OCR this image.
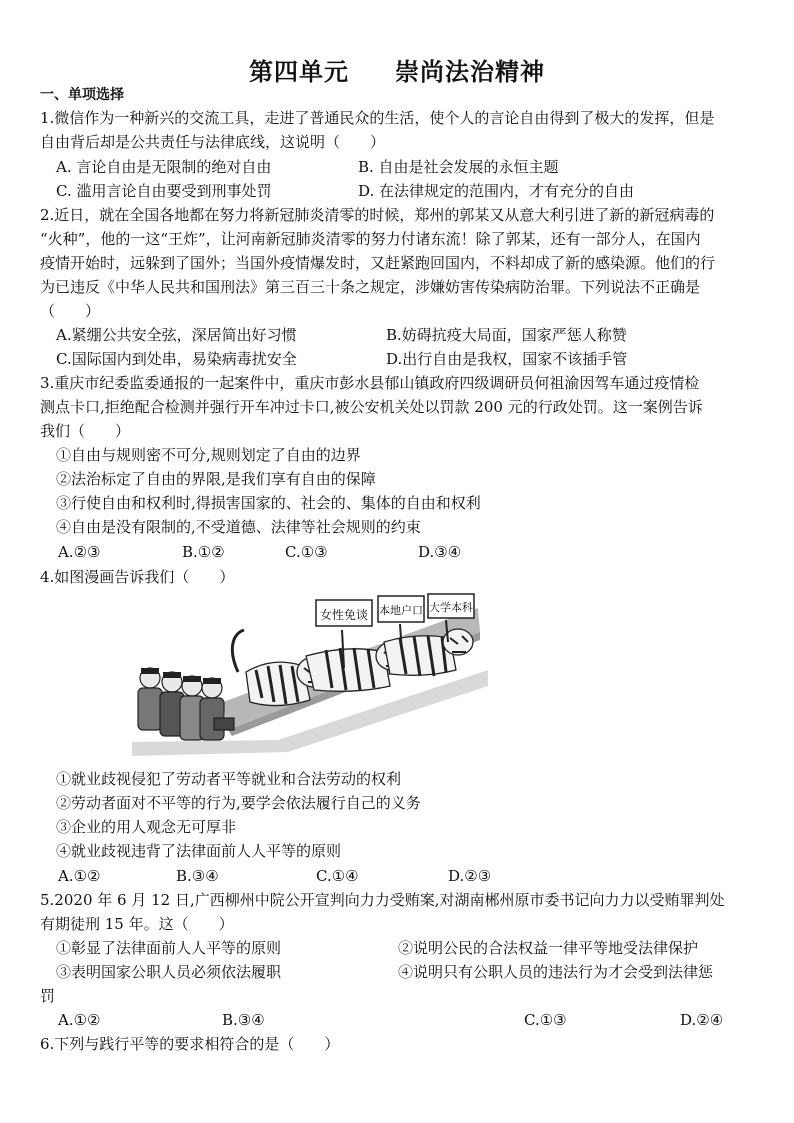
第四单元 崇尚法治精神
一、单项选择
1.微信作为一种新兴的交流工具，走进了普通民众的生活，使个人的言论自由得到了极大的发挥，但是
自由背后却是公共责任与法律底线，这说明（　　）
A. 言论自由是无限制的绝对自由	B. 自由是社会发展的永恒主题
C. 滥用言论自由要受到刑事处罚	D. 在法律规定的范围内，才有充分的自由
2.近日，就在全国各地都在努力将新冠肺炎清零的时候，郑州的郭某又从意大利引进了新的新冠病毒的
“火种”，他的一这“王炸”，让河南新冠肺炎清零的努力付诸东流！除了郭某，还有一部分人，在国内
疫情开始时，远躲到了国外；当国外疫情爆发时，又赶紧跑回国内，不料却成了新的感染源。他们的行
为已违反《中华人民共和国刑法》第三百三十条之规定，涉嫌妨害传染病防治罪。下列说法不正确是
（　　）
A.紧绷公共安全弦，深居简出好习惯	B.妨碍抗疫大局面，国家严惩人称赞
C.国际国内到处串，易染病毒扰安全	D.出行自由是我权，国家不该插手管
3.重庆市纪委监委通报的一起案件中，重庆市彭水县郁山镇政府四级调研员何祖渝因驾车通过疫情检
测点卡口,拒绝配合检测并强行开车冲过卡口,被公安机关处以罚款 200 元的行政处罚。这一案例告诉
我们（　　）
①自由与规则密不可分,规则划定了自由的边界
②法治标定了自由的界限,是我们享有自由的保障
③行使自由和权利时,得损害国家的、社会的、集体的自由和权利
④自由是没有限制的,不受道德、法律等社会规则的约束
A.②③	B.①②	C.①③	D.③④
4.如图漫画告诉我们（　　）
女性免谈 本地户口 大学本科
①就业歧视侵犯了劳动者平等就业和合法劳动的权利
②劳动者面对不平等的行为,要学会依法履行自己的义务
③企业的用人观念无可厚非
④就业歧视违背了法律面前人人平等的原则
A.①②	B.③④	C.①④	D.②③
5.2020 年 6 月 12 日,广西柳州中院公开宣判向力力受贿案,对湖南郴州原市委书记向力力以受贿罪判处
有期徒刑 15 年。这（　　）
①彰显了法律面前人人平等的原则	②说明公民的合法权益一律平等地受法律保护
③表明国家公职人员必须依法履职	④说明只有公职人员的违法行为才会受到法律惩
罚
A.①②	B.③④	C.①③	D.②④
6.下列与践行平等的要求相符合的是（　　）
